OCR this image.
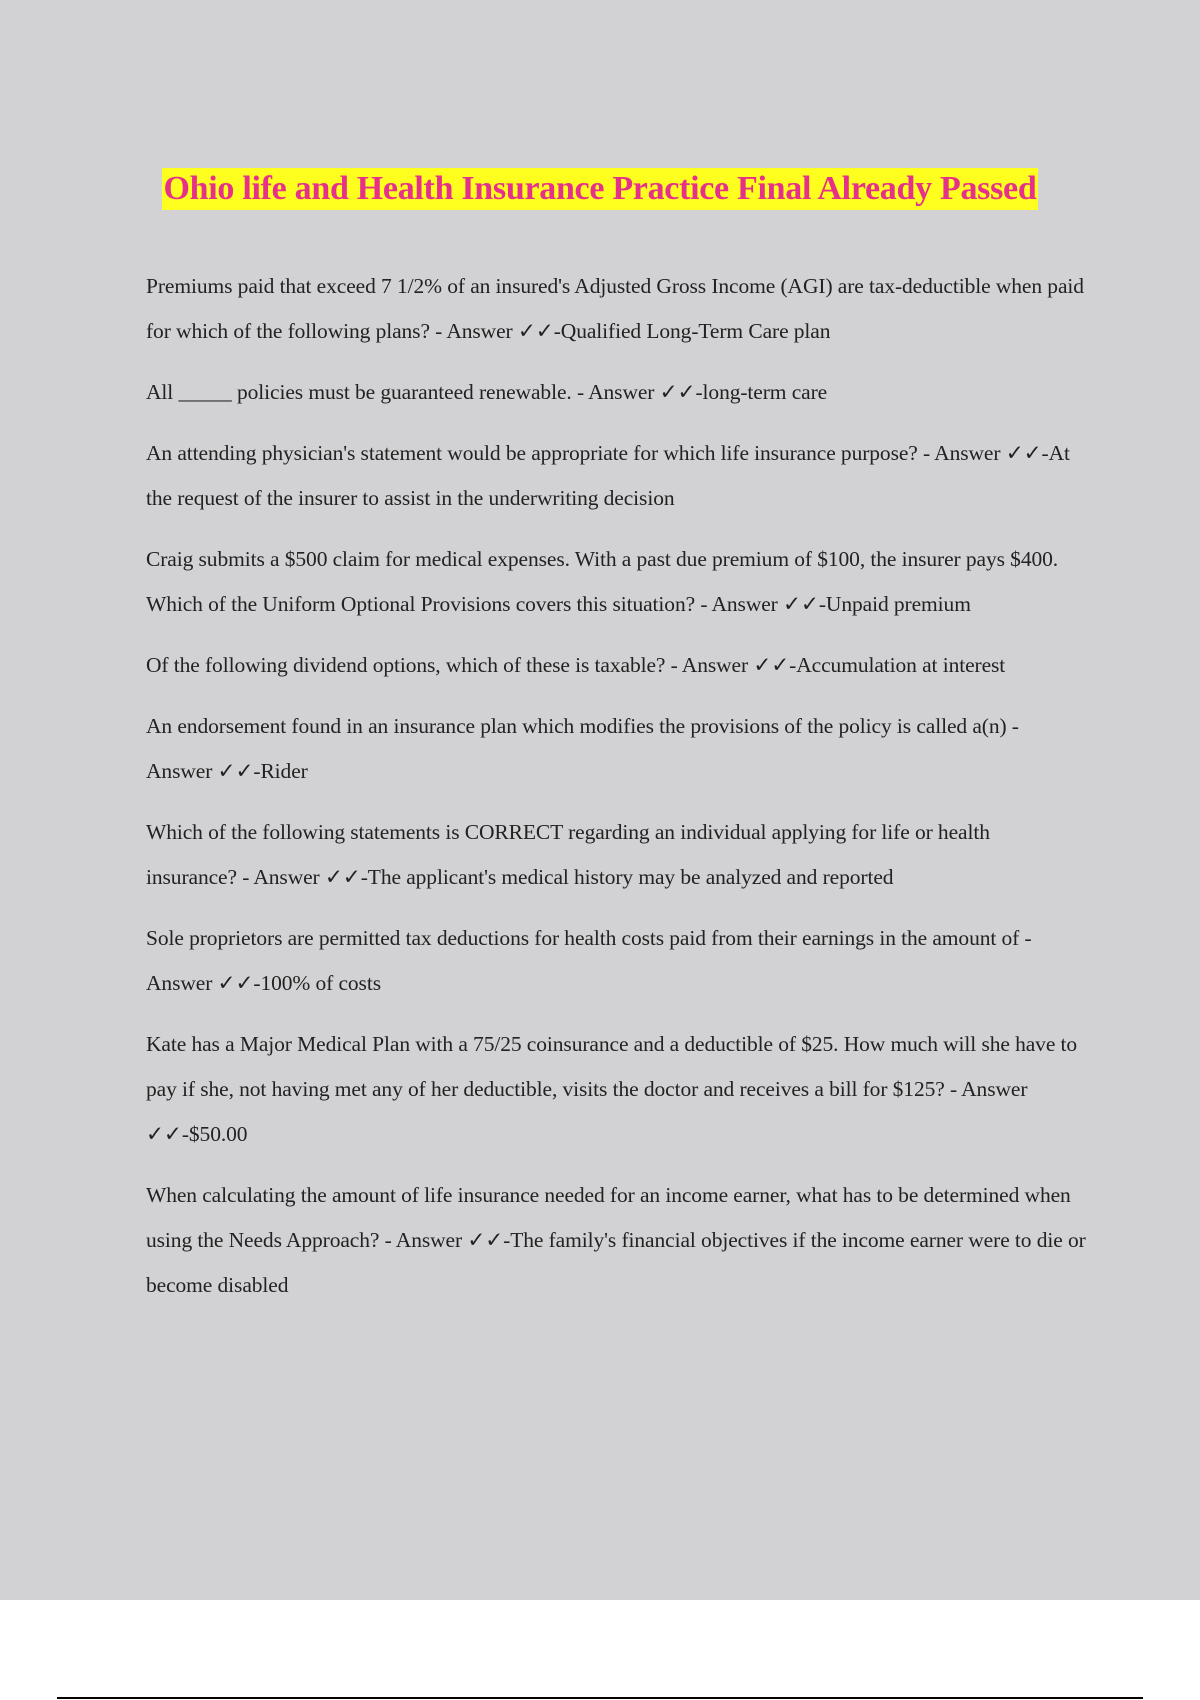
Ohio life and Health Insurance Practice Final Already Passed

Premiums paid that exceed 7 1/2% of an insured's Adjusted Gross Income (AGI) are tax-deductible when paid for which of the following plans? - Answer ✓✓-Qualified Long-Term Care plan

All _____ policies must be guaranteed renewable. - Answer ✓✓-long-term care

An attending physician's statement would be appropriate for which life insurance purpose? - Answer ✓✓-At the request of the insurer to assist in the underwriting decision

Craig submits a $500 claim for medical expenses. With a past due premium of $100, the insurer pays $400. Which of the Uniform Optional Provisions covers this situation? - Answer ✓✓-Unpaid premium

Of the following dividend options, which of these is taxable? - Answer ✓✓-Accumulation at interest

An endorsement found in an insurance plan which modifies the provisions of the policy is called a(n) - Answer ✓✓-Rider

Which of the following statements is CORRECT regarding an individual applying for life or health insurance? - Answer ✓✓-The applicant's medical history may be analyzed and reported

Sole proprietors are permitted tax deductions for health costs paid from their earnings in the amount of - Answer ✓✓-100% of costs

Kate has a Major Medical Plan with a 75/25 coinsurance and a deductible of $25. How much will she have to pay if she, not having met any of her deductible, visits the doctor and receives a bill for $125? - Answer ✓✓-$50.00

When calculating the amount of life insurance needed for an income earner, what has to be determined when using the Needs Approach? - Answer ✓✓-The family's financial objectives if the income earner were to die or become disabled
